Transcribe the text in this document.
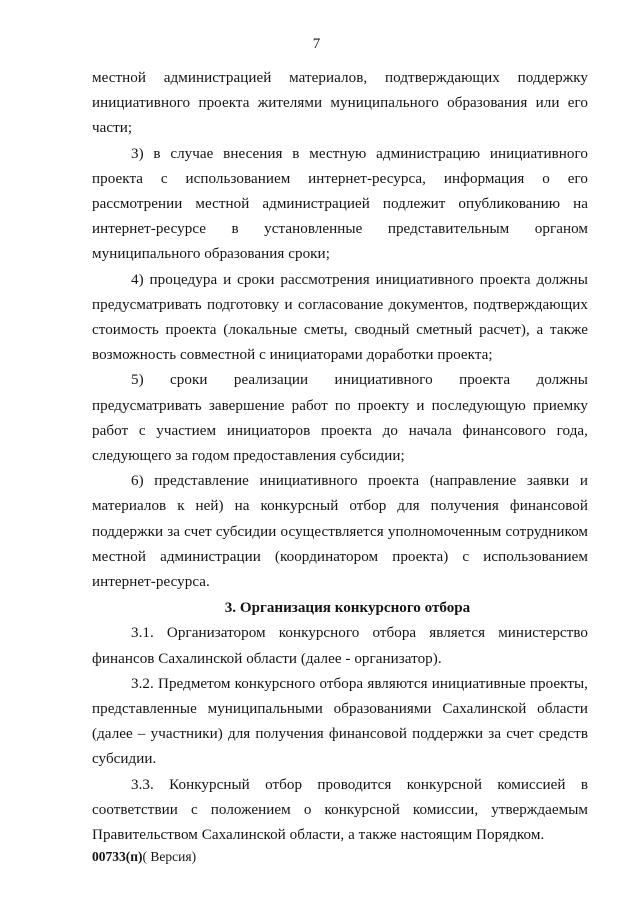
7

местной администрацией материалов, подтверждающих поддержку инициативного проекта жителями муниципального образования или его части;

3) в случае внесения в местную администрацию инициативного проекта с использованием интернет-ресурса, информация о его рассмотрении местной администрацией подлежит опубликованию на интернет-ресурсе в установленные представительным органом муниципального образования сроки;

4) процедура и сроки рассмотрения инициативного проекта должны предусматривать подготовку и согласование документов, подтверждающих стоимость проекта (локальные сметы, сводный сметный расчет), а также возможность совместной с инициаторами доработки проекта;

5) сроки реализации инициативного проекта должны предусматривать завершение работ по проекту и последующую приемку работ с участием инициаторов проекта до начала финансового года, следующего за годом предоставления субсидии;

6) представление инициативного проекта (направление заявки и материалов к ней) на конкурсный отбор для получения финансовой поддержки за счет субсидии осуществляется уполномоченным сотрудником местной администрации (координатором проекта) с использованием интернет-ресурса.

3. Организация конкурсного отбора

3.1. Организатором конкурсного отбора является министерство финансов Сахалинской области (далее - организатор).

3.2. Предметом конкурсного отбора являются инициативные проекты, представленные муниципальными образованиями Сахалинской области (далее – участники) для получения финансовой поддержки за счет средств субсидии.

3.3. Конкурсный отбор проводится конкурсной комиссией в соответствии с положением о конкурсной комиссии, утверждаемым Правительством Сахалинской области, а также настоящим Порядком.

00733(п)( Версия)
